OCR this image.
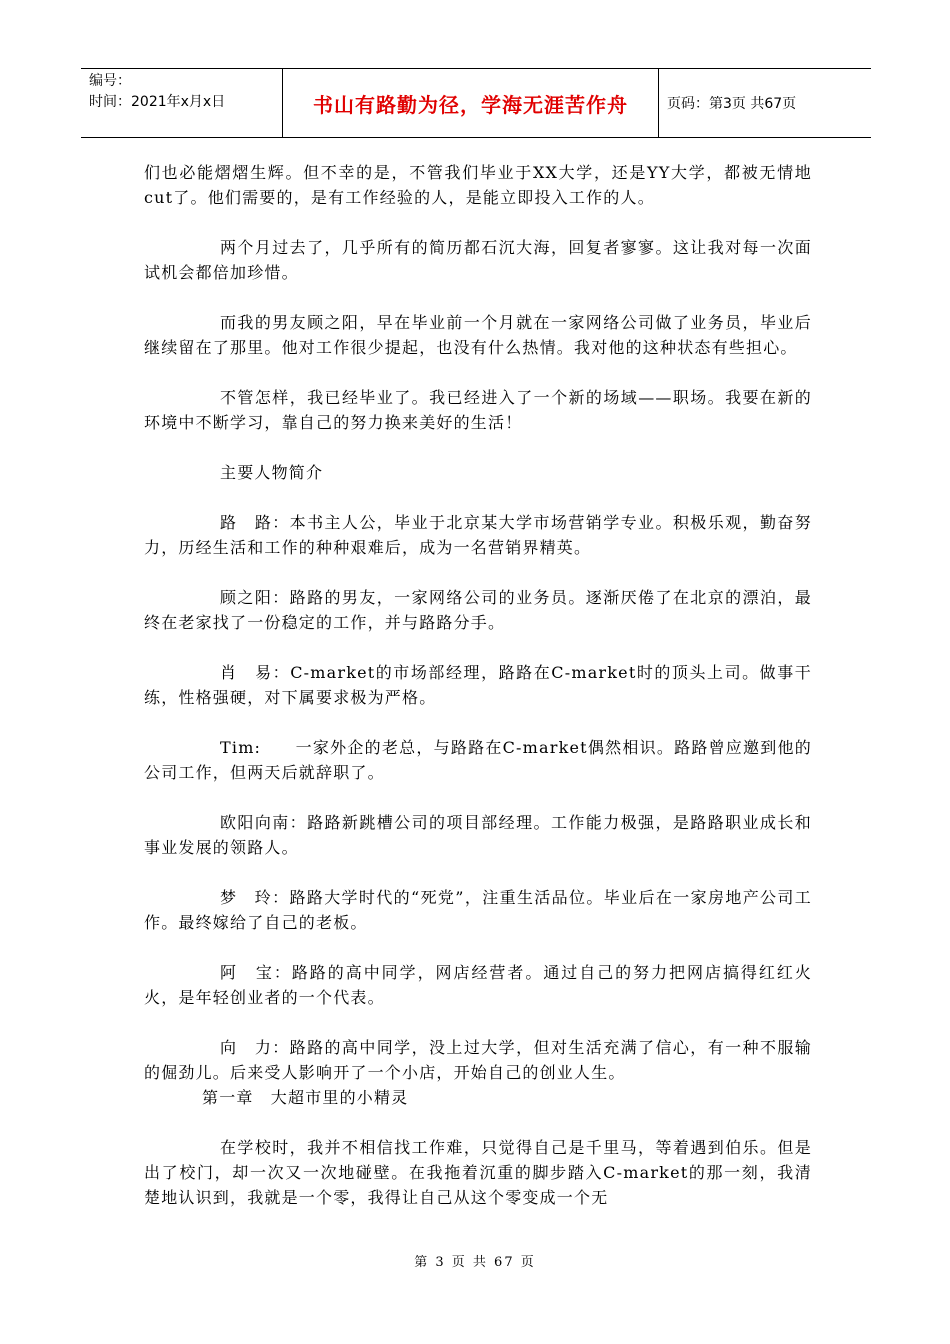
编号：
时间：2021年x月x日	书山有路勤为径，学海无涯苦作舟	页码：第3页 共67页

们也必能熠熠生辉。但不幸的是，不管我们毕业于XX大学，还是YY大学，都被无情地cut了。他们需要的，是有工作经验的人，是能立即投入工作的人。

两个月过去了，几乎所有的简历都石沉大海，回复者寥寥。这让我对每一次面试机会都倍加珍惜。

而我的男友顾之阳，早在毕业前一个月就在一家网络公司做了业务员，毕业后继续留在了那里。他对工作很少提起，也没有什么热情。我对他的这种状态有些担心。

不管怎样，我已经毕业了。我已经进入了一个新的场域——职场。我要在新的环境中不断学习，靠自己的努力换来美好的生活！

主要人物简介

路　路：本书主人公，毕业于北京某大学市场营销学专业。积极乐观，勤奋努力，历经生活和工作的种种艰难后，成为一名营销界精英。

顾之阳：路路的男友，一家网络公司的业务员。逐渐厌倦了在北京的漂泊，最终在老家找了一份稳定的工作，并与路路分手。

肖　易：C-market的市场部经理，路路在C-market时的顶头上司。做事干练，性格强硬，对下属要求极为严格。

Tim:　　一家外企的老总，与路路在C-market偶然相识。路路曾应邀到他的公司工作，但两天后就辞职了。

欧阳向南：路路新跳槽公司的项目部经理。工作能力极强，是路路职业成长和事业发展的领路人。

梦　玲：路路大学时代的“死党”，注重生活品位。毕业后在一家房地产公司工作。最终嫁给了自己的老板。

阿　宝：路路的高中同学，网店经营者。通过自己的努力把网店搞得红红火火，是年轻创业者的一个代表。

向　力：路路的高中同学，没上过大学，但对生活充满了信心，有一种不服输的倔劲儿。后来受人影响开了一个小店，开始自己的创业人生。

第一章　大超市里的小精灵

在学校时，我并不相信找工作难，只觉得自己是千里马，等着遇到伯乐。但是出了校门，却一次又一次地碰壁。在我拖着沉重的脚步踏入C-market的那一刻，我清楚地认识到，我就是一个零，我得让自己从这个零变成一个无

第 3 页 共 67 页
